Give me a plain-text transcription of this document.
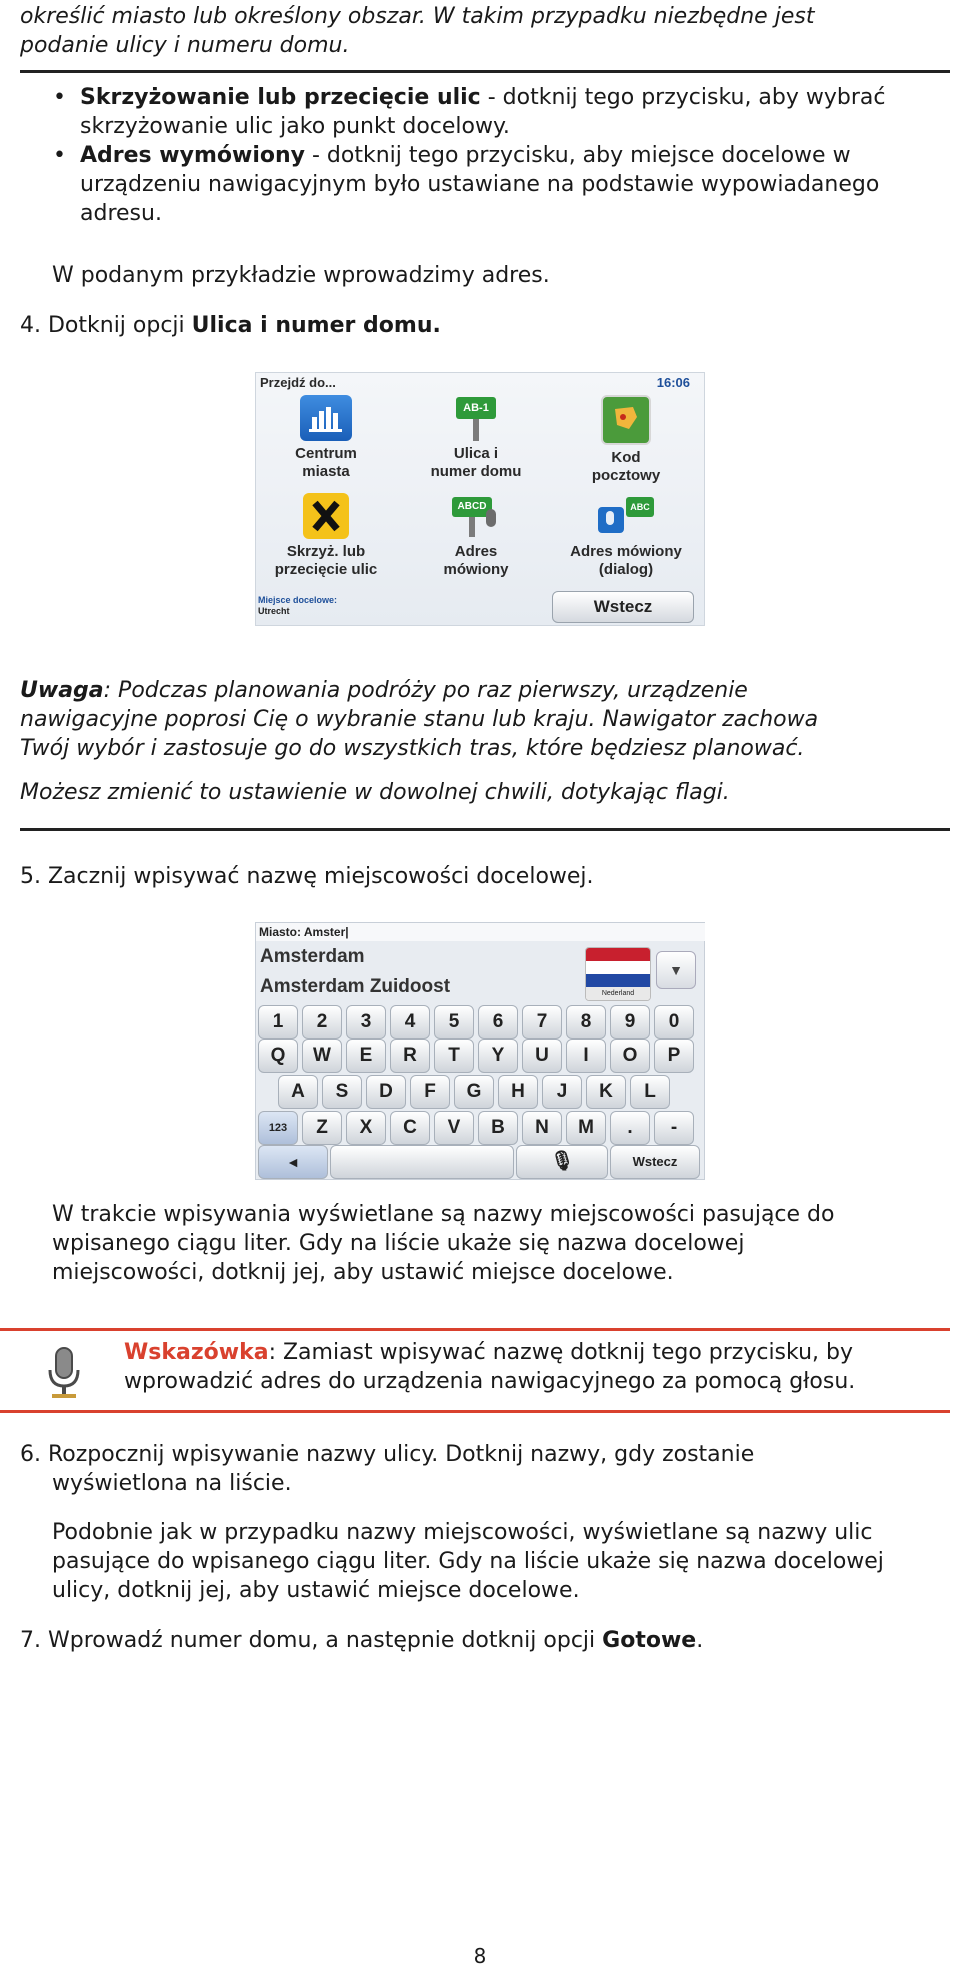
określić miasto lub określony obszar. W takim przypadku niezbędne jest
podanie ulicy i numeru domu.
• Skrzyżowanie lub przecięcie ulic - dotknij tego przycisku, aby wybrać
skrzyżowanie ulic jako punkt docelowy.
• Adres wymówiony - dotknij tego przycisku, aby miejsce docelowe w
urządzeniu nawigacyjnym było ustawiane na podstawie wypowiadanego
adresu.
W podanym przykładzie wprowadzimy adres.
4. Dotknij opcji Ulica i numer domu.
Przejdź do...	16:06
Centrum
miasta
AB-1
Ulica i
numer domu
Kod
pocztowy
Skrzyż. lub
przecięcie ulic
ABCD
Adres
mówiony
ABC
Adres mówiony
(dialog)
Miejsce docelowe:
Utrecht	Wstecz
Uwaga: Podczas planowania podróży po raz pierwszy, urządzenie
nawigacyjne poprosi Cię o wybranie stanu lub kraju. Nawigator zachowa
Twój wybór i zastosuje go do wszystkich tras, które będziesz planować.
Możesz zmienić to ustawienie w dowolnej chwili, dotykając flagi.
5. Zacznij wpisywać nazwę miejscowości docelowej.
Miasto: Amster|
Amsterdam
Amsterdam Zuidoost	Nederland
▼
1	2	3	4	5	6	7	8	9	0
Q	W	E	R	T	Y	U	I	O	P
A	S	D	F	G	H	J	K	L
123	Z	X	C	V	B	N	M	.	-
◄	🎙	Wstecz
W trakcie wpisywania wyświetlane są nazwy miejscowości pasujące do
wpisanego ciągu liter. Gdy na liście ukaże się nazwa docelowej
miejscowości, dotknij jej, aby ustawić miejsce docelowe.
Wskazówka: Zamiast wpisywać nazwę dotknij tego przycisku, by
wprowadzić adres do urządzenia nawigacyjnego za pomocą głosu.
6. Rozpocznij wpisywanie nazwy ulicy. Dotknij nazwy, gdy zostanie
wyświetlona na liście.
Podobnie jak w przypadku nazwy miejscowości, wyświetlane są nazwy ulic
pasujące do wpisanego ciągu liter. Gdy na liście ukaże się nazwa docelowej
ulicy, dotknij jej, aby ustawić miejsce docelowe.
7. Wprowadź numer domu, a następnie dotknij opcji Gotowe.
8
